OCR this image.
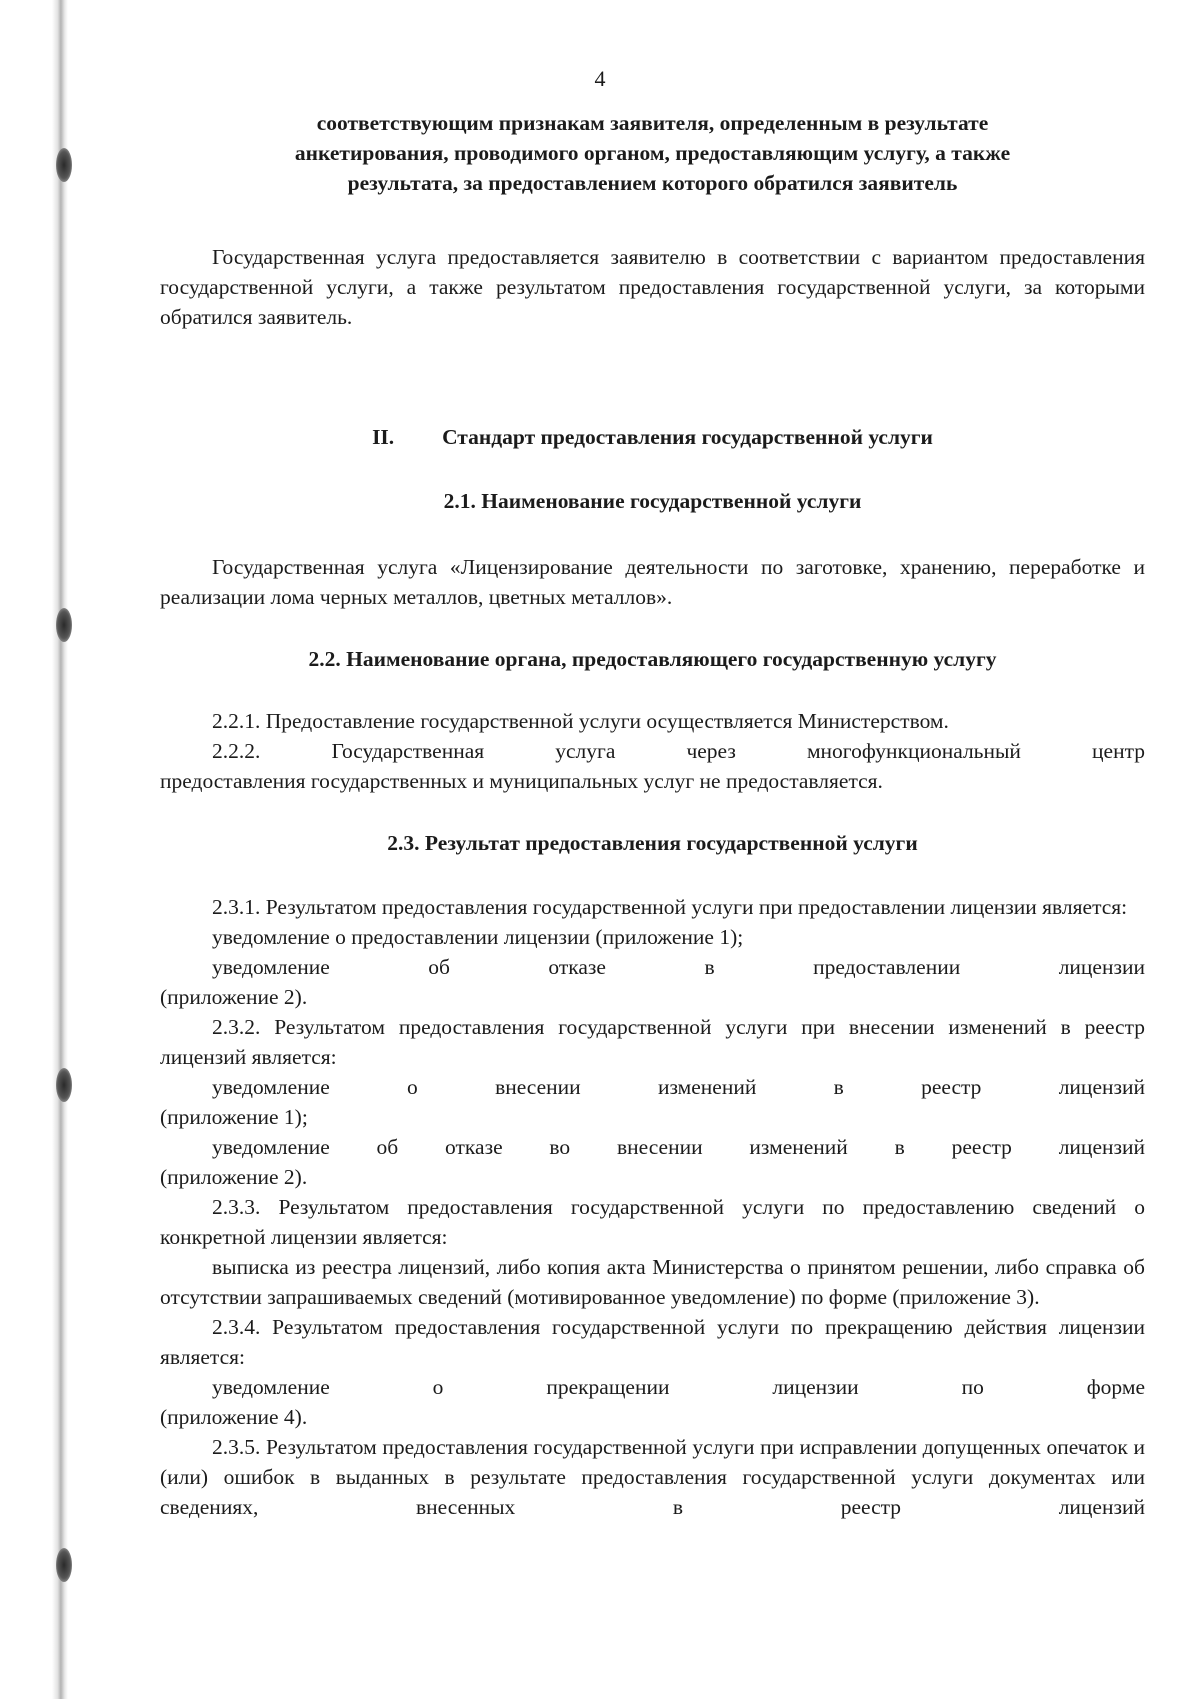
4
соответствующим признакам заявителя, определенным в результате
анкетирования, проводимого органом, предоставляющим услугу, а также
результата, за предоставлением которого обратился заявитель

Государственная услуга предоставляется заявителю в соответствии с вариантом предоставления государственной услуги, а также результатом предоставления государственной услуги, за которыми обратился заявитель.

II. Стандарт предоставления государственной услуги
2.1. Наименование государственной услуги

Государственная услуга «Лицензирование деятельности по заготовке, хранению, переработке и реализации лома черных металлов, цветных металлов».

2.2. Наименование органа, предоставляющего государственную услугу

2.2.1. Предоставление государственной услуги осуществляется Министерством.

2.2.2. Государственная услуга через многофункциональный центр

предоставления государственных и муниципальных услуг не предоставляется.

2.3. Результат предоставления государственной услуги

2.3.1. Результатом предоставления государственной услуги при предоставлении лицензии является:

уведомление о предоставлении лицензии (приложение 1);

уведомление об отказе в предоставлении лицензии

(приложение 2).

2.3.2. Результатом предоставления государственной услуги при внесении изменений в реестр лицензий является:

уведомление о внесении изменений в реестр лицензий

(приложение 1);

уведомление об отказе во внесении изменений в реестр лицензий

(приложение 2).

2.3.3. Результатом предоставления государственной услуги по предоставлению сведений о конкретной лицензии является:

выписка из реестра лицензий, либо копия акта Министерства о принятом решении, либо справка об отсутствии запрашиваемых сведений (мотивированное уведомление) по форме (приложение 3).

2.3.4. Результатом предоставления государственной услуги по прекращению действия лицензии является:

уведомление о прекращении лицензии по форме

(приложение 4).

2.3.5. Результатом предоставления государственной услуги при исправлении допущенных опечаток и (или) ошибок в выданных в результате предоставления государственной услуги документах или сведениях, внесенных в реестр лицензий
